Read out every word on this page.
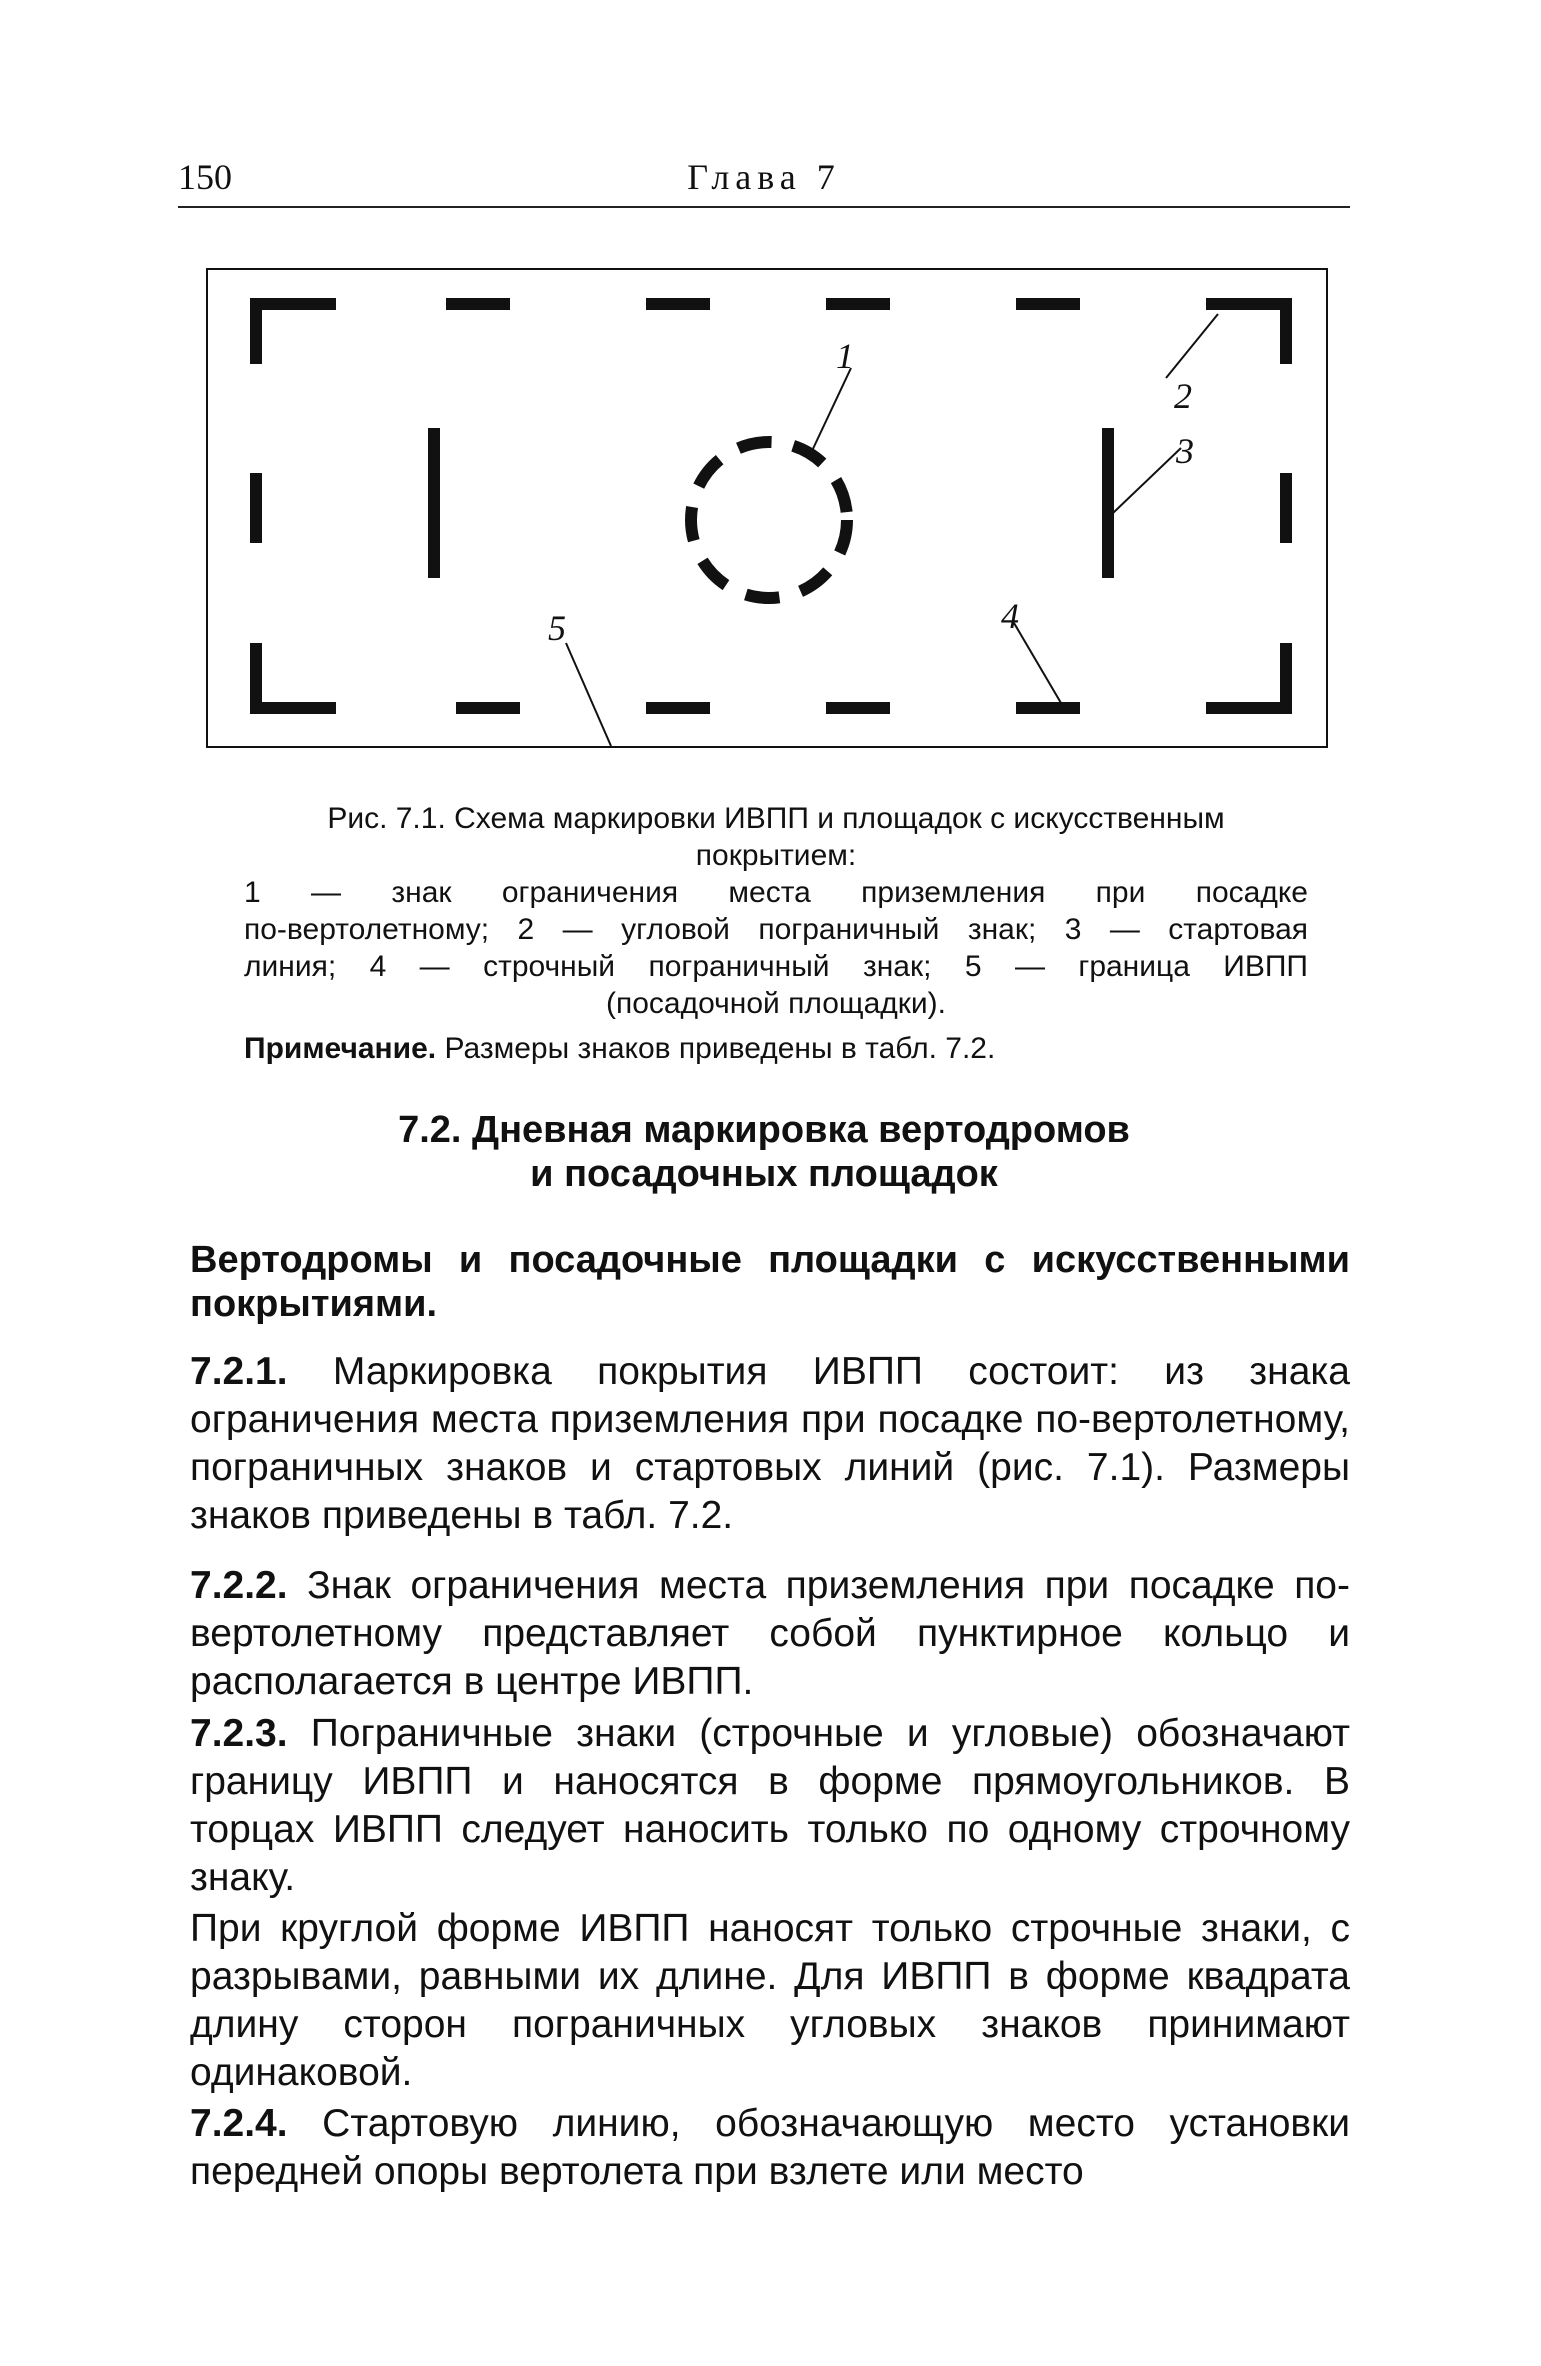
150	Глава 7
1
2
3
4
5
Рис. 7.1. Схема маркировки ИВПП и площадок с искусственным
покрытием:
1 — знак ограничения места приземления при посадке
по-вертолетному; 2 — угловой пограничный знак; 3 — стартовая
линия; 4 — строчный пограничный знак; 5 — граница ИВПП
(посадочной площадки).
Примечание. Размеры знаков приведены в табл. 7.2.
7.2. Дневная маркировка вертодромов
и посадочных площадок
Вертодромы и посадочные площадки с искусственными покрытиями.
7.2.1. Маркировка покрытия ИВПП состоит: из знака ограничения места приземления при посадке по-вертолетному, пограничных знаков и стартовых линий (рис. 7.1). Размеры знаков приведены в табл. 7.2.
7.2.2. Знак ограничения места приземления при посадке по-вертолетному представляет собой пунктирное кольцо и располагается в центре ИВПП.
7.2.3. Пограничные знаки (строчные и угловые) обозначают границу ИВПП и наносятся в форме прямоугольников. В торцах ИВПП следует наносить только по одному строчному знаку.
При круглой форме ИВПП наносят только строчные знаки, с разрывами, равными их длине. Для ИВПП в форме квадрата длину сторон пограничных угловых знаков принимают одинаковой.
7.2.4. Стартовую линию, обозначающую место установки передней опоры вертолета при взлете или место
